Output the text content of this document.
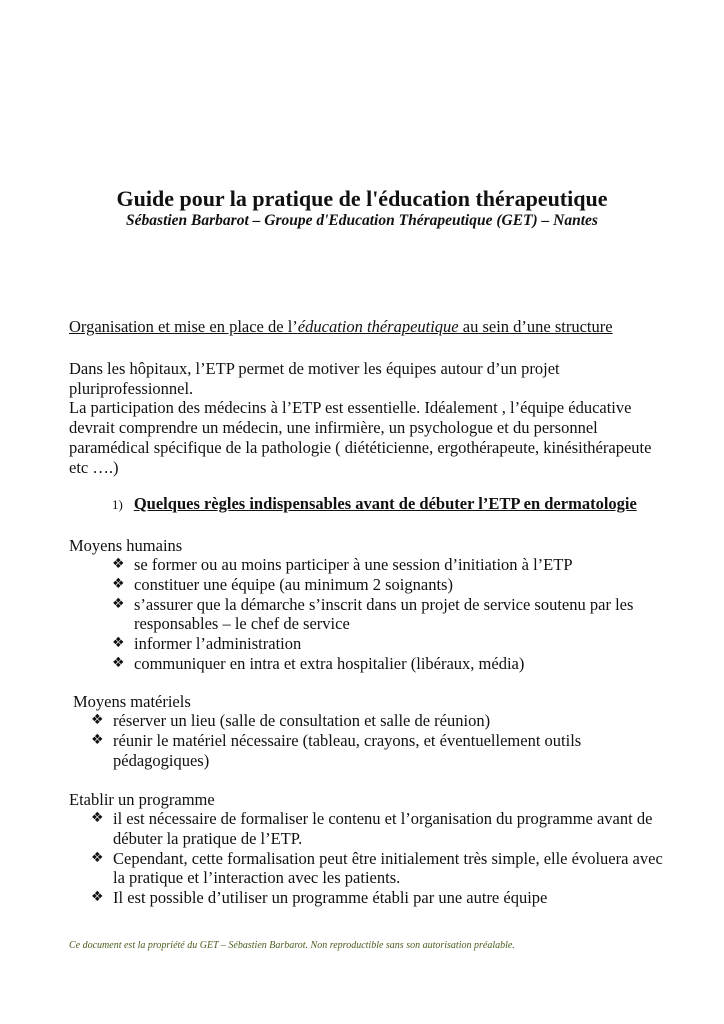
Guide pour la pratique de l'éducation thérapeutique
Sébastien Barbarot – Groupe d'Education Thérapeutique (GET) – Nantes
Organisation et mise en place de l’éducation thérapeutique au sein d’une structure
Dans les hôpitaux, l’ETP permet de motiver les équipes autour d’un projet pluriprofessionnel.
La participation des médecins à l’ETP est essentielle. Idéalement , l’équipe éducative devrait comprendre un médecin, une infirmière, un psychologue et du personnel paramédical spécifique de la pathologie ( diététicienne, ergothérapeute, kinésithérapeute etc ….)
1) Quelques règles indispensables avant de débuter l’ETP en dermatologie
Moyens humains
❖ se former ou au moins participer à une session d’initiation à l’ETP
❖ constituer une équipe (au minimum 2 soignants)
❖ s’assurer que la démarche s’inscrit dans un projet de service soutenu par les responsables – le chef de service
❖ informer l’administration
❖ communiquer en intra et extra hospitalier (libéraux, média)
Moyens matériels
❖ réserver un lieu (salle de consultation et salle de réunion)
❖ réunir le matériel nécessaire (tableau, crayons, et éventuellement outils pédagogiques)
Etablir un programme
❖ il est nécessaire de formaliser le contenu et l’organisation du programme avant de débuter la pratique de l’ETP.
❖ Cependant, cette formalisation peut être initialement très simple, elle évoluera avec la pratique et l’interaction avec les patients.
❖ Il est possible d’utiliser un programme établi par une autre équipe
Ce document est la propriété du GET – Sébastien Barbarot. Non reproductible sans son autorisation préalable.
